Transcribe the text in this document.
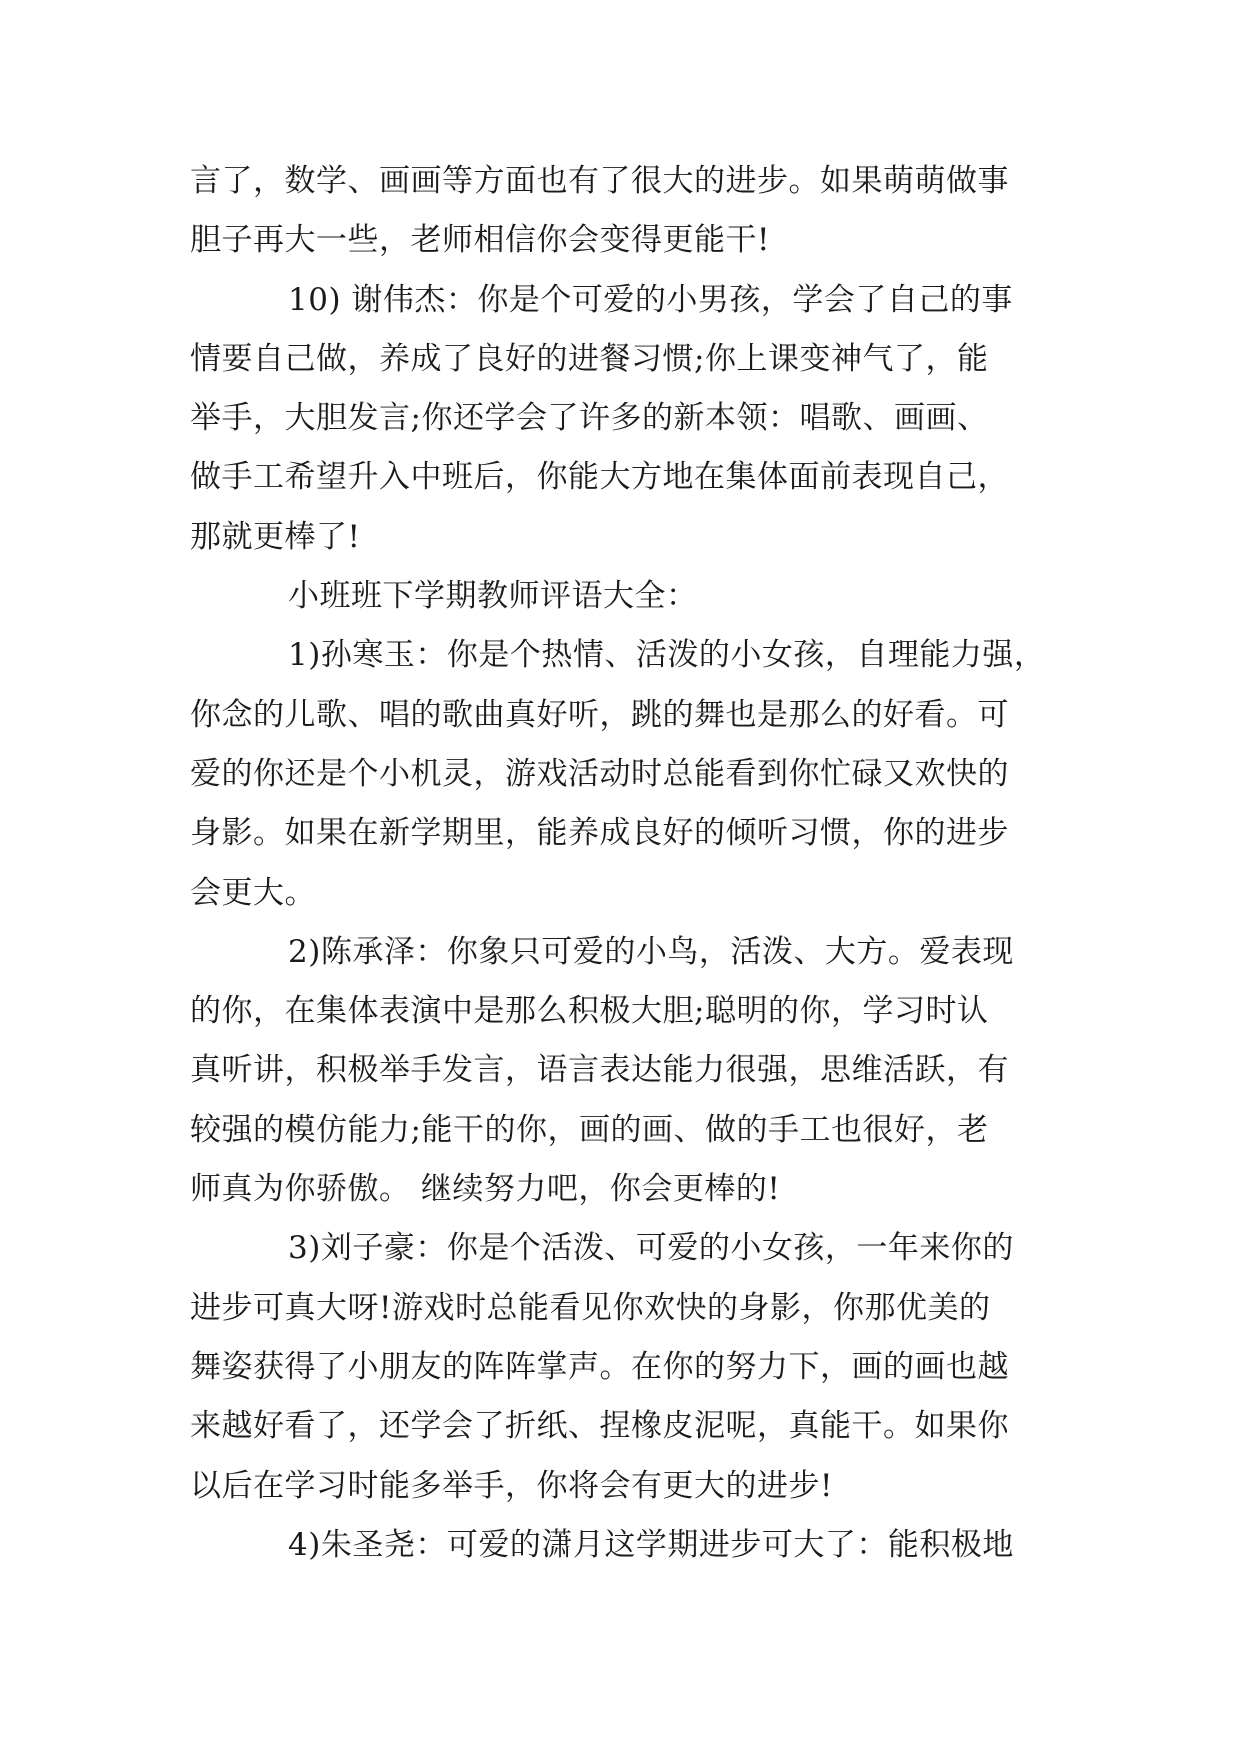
言了，数学、画画等方面也有了很大的进步。如果萌萌做事
胆子再大一些，老师相信你会变得更能干!
10) 谢伟杰：你是个可爱的小男孩，学会了自己的事
情要自己做，养成了良好的进餐习惯;你上课变神气了，能
举手，大胆发言;你还学会了许多的新本领：唱歌、画画、
做手工希望升入中班后，你能大方地在集体面前表现自己，
那就更棒了!
小班班下学期教师评语大全：
1)孙寒玉：你是个热情、活泼的小女孩，自理能力强，
你念的儿歌、唱的歌曲真好听，跳的舞也是那么的好看。可
爱的你还是个小机灵，游戏活动时总能看到你忙碌又欢快的
身影。如果在新学期里，能养成良好的倾听习惯，你的进步
会更大。
2)陈承泽：你象只可爱的小鸟，活泼、大方。爱表现
的你，在集体表演中是那么积极大胆;聪明的你，学习时认
真听讲，积极举手发言，语言表达能力很强，思维活跃，有
较强的模仿能力;能干的你，画的画、做的手工也很好，老
师真为你骄傲。 继续努力吧，你会更棒的!
3)刘子豪：你是个活泼、可爱的小女孩，一年来你的
进步可真大呀!游戏时总能看见你欢快的身影，你那优美的
舞姿获得了小朋友的阵阵掌声。在你的努力下，画的画也越
来越好看了，还学会了折纸、捏橡皮泥呢，真能干。如果你
以后在学习时能多举手，你将会有更大的进步!
4)朱圣尧：可爱的潇月这学期进步可大了：能积极地
